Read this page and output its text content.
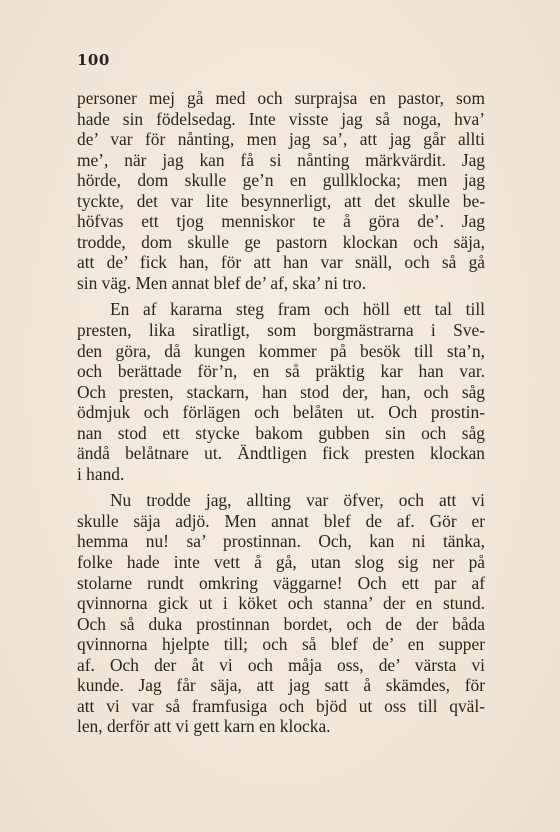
100
personer mej gå med och surprajsa en pastor, som
hade sin födelsedag. Inte visste jag så noga, hva’
de’ var för nånting, men jag sa’, att jag går allti
me’, när jag kan få si nånting märkvärdit. Jag
hörde, dom skulle ge’n en gullklocka; men jag
tyckte, det var lite besynnerligt, att det skulle be-
höfvas ett tjog menniskor te å göra de’. Jag
trodde, dom skulle ge pastorn klockan och säja,
att de’ fick han, för att han var snäll, och så gå
sin väg. Men annat blef de’ af, ska’ ni tro.
En af kararna steg fram och höll ett tal till
presten, lika siratligt, som borgmästrarna i Sve-
den göra, då kungen kommer på besök till sta’n,
och berättade för’n, en så präktig kar han var.
Och presten, stackarn, han stod der, han, och såg
ödmjuk och förlägen och belåten ut. Och prostin-
nan stod ett stycke bakom gubben sin och såg
ändå belåtnare ut. Ändtligen fick presten klockan
i hand.
Nu trodde jag, allting var öfver, och att vi
skulle säja adjö. Men annat blef de af. Gör er
hemma nu! sa’ prostinnan. Och, kan ni tänka,
folke hade inte vett å gå, utan slog sig ner på
stolarne rundt omkring väggarne! Och ett par af
qvinnorna gick ut i köket och stanna’ der en stund.
Och så duka prostinnan bordet, och de der båda
qvinnorna hjelpte till; och så blef de’ en supper
af. Och der åt vi och måja oss, de’ värsta vi
kunde. Jag får säja, att jag satt å skämdes, för
att vi var så framfusiga och bjöd ut oss till qväl-
len, derför att vi gett karn en klocka.
